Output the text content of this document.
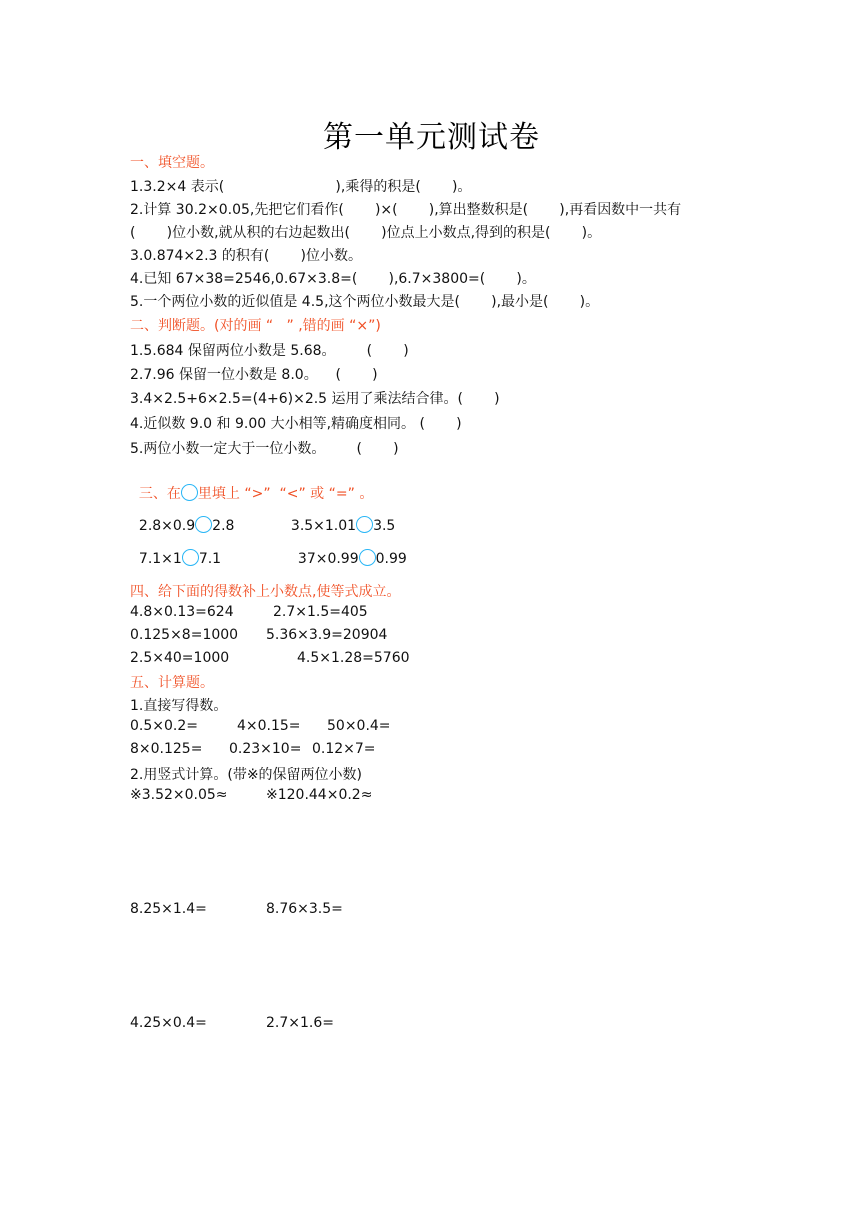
第一单元测试卷
一、填空题。
1.3.2×4 表示(                         ),乘得的积是(       )。
2.计算 30.2×0.05,先把它们看作(       )×(       ),算出整数积是(       ),再看因数中一共有
(       )位小数,就从积的右边起数出(       )位点上小数点,得到的积是(       )。
3.0.874×2.3 的积有(       )位小数。
4.已知 67×38=2546,0.67×3.8=(       ),6.7×3800=(       )。
5.一个两位小数的近似值是 4.5,这个两位小数最大是(       ),最小是(       )。
二、判断题。(对的画 “   ” ,错的画 “×”)
1.5.684 保留两位小数是 5.68。       (       )
2.7.96 保留一位小数是 8.0。    (       )
3.4×2.5+6×2.5=(4+6)×2.5 运用了乘法结合律。(       )
4.近似数 9.0 和 9.00 大小相等,精确度相同。 (       )
5.两位小数一定大于一位小数。       (       )

三、在 里填上 “>”  “<” 或 “=” 。

2.8×0.9 2.8	3.5×1.01 3.5

7.1×1 7.1	37×0.99 0.99

四、给下面的得数补上小数点,使等式成立。
4.8×0.13=624	2.7×1.5=405
0.125×8=1000 5.36×3.9=20904
2.5×40=1000	4.5×1.28=5760
五、计算题。
1.直接写得数。
0.5×0.2=	4×0.15= 50×0.4=
8×0.125= 0.23×10= 0.12×7=
2.用竖式计算。(带※的保留两位小数)
※3.52×0.05≈	※120.44×0.2≈
8.25×1.4=	8.76×3.5=
4.25×0.4=	2.7×1.6=
